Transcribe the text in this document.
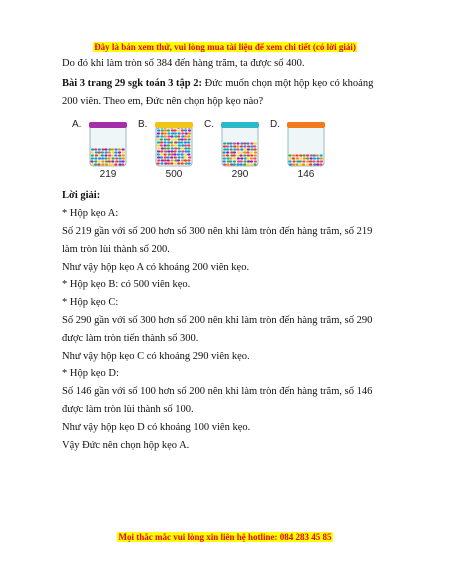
Đây là bản xem thử, vui lòng mua tài liệu để xem chi tiết (có lời giải)

Do đó khi làm tròn số 384 đến hàng trăm, ta được số 400.

Bài 3 trang 29 sgk toán 3 tập 2: Đức muốn chọn một hộp kẹo có khoảng 200 viên. Theo em, Đức nên chọn hộp kẹo nào?

A.
219
B.
500
C.
290
D.
146

Lời giải:

* Hộp kẹo A:

Số 219 gần với số 200 hơn số 300 nên khi làm tròn đến hàng trăm, số 219 làm tròn lùi thành số 200.

Như vậy hộp kẹo A có khoảng 200 viên kẹo.

* Hộp kẹo B: có 500 viên kẹo.

* Hộp kẹo C:

Số 290 gần với số 300 hơn số 200 nên khi làm tròn đến hàng trăm, số 290 được làm tròn tiến thành số 300.

Như vậy hộp kẹo C có khoảng 290 viên kẹo.

* Hộp kẹo D:

Số 146 gần với số 100 hơn số 200 nên khi làm tròn đến hàng trăm, số 146 được làm tròn lùi thành số 100.

Như vậy hộp kẹo D có khoảng 100 viên kẹo.

Vậy Đức nên chọn hộp kẹo A.

Mọi thắc mắc vui lòng xin liên hệ hotline: 084 283 45 85
